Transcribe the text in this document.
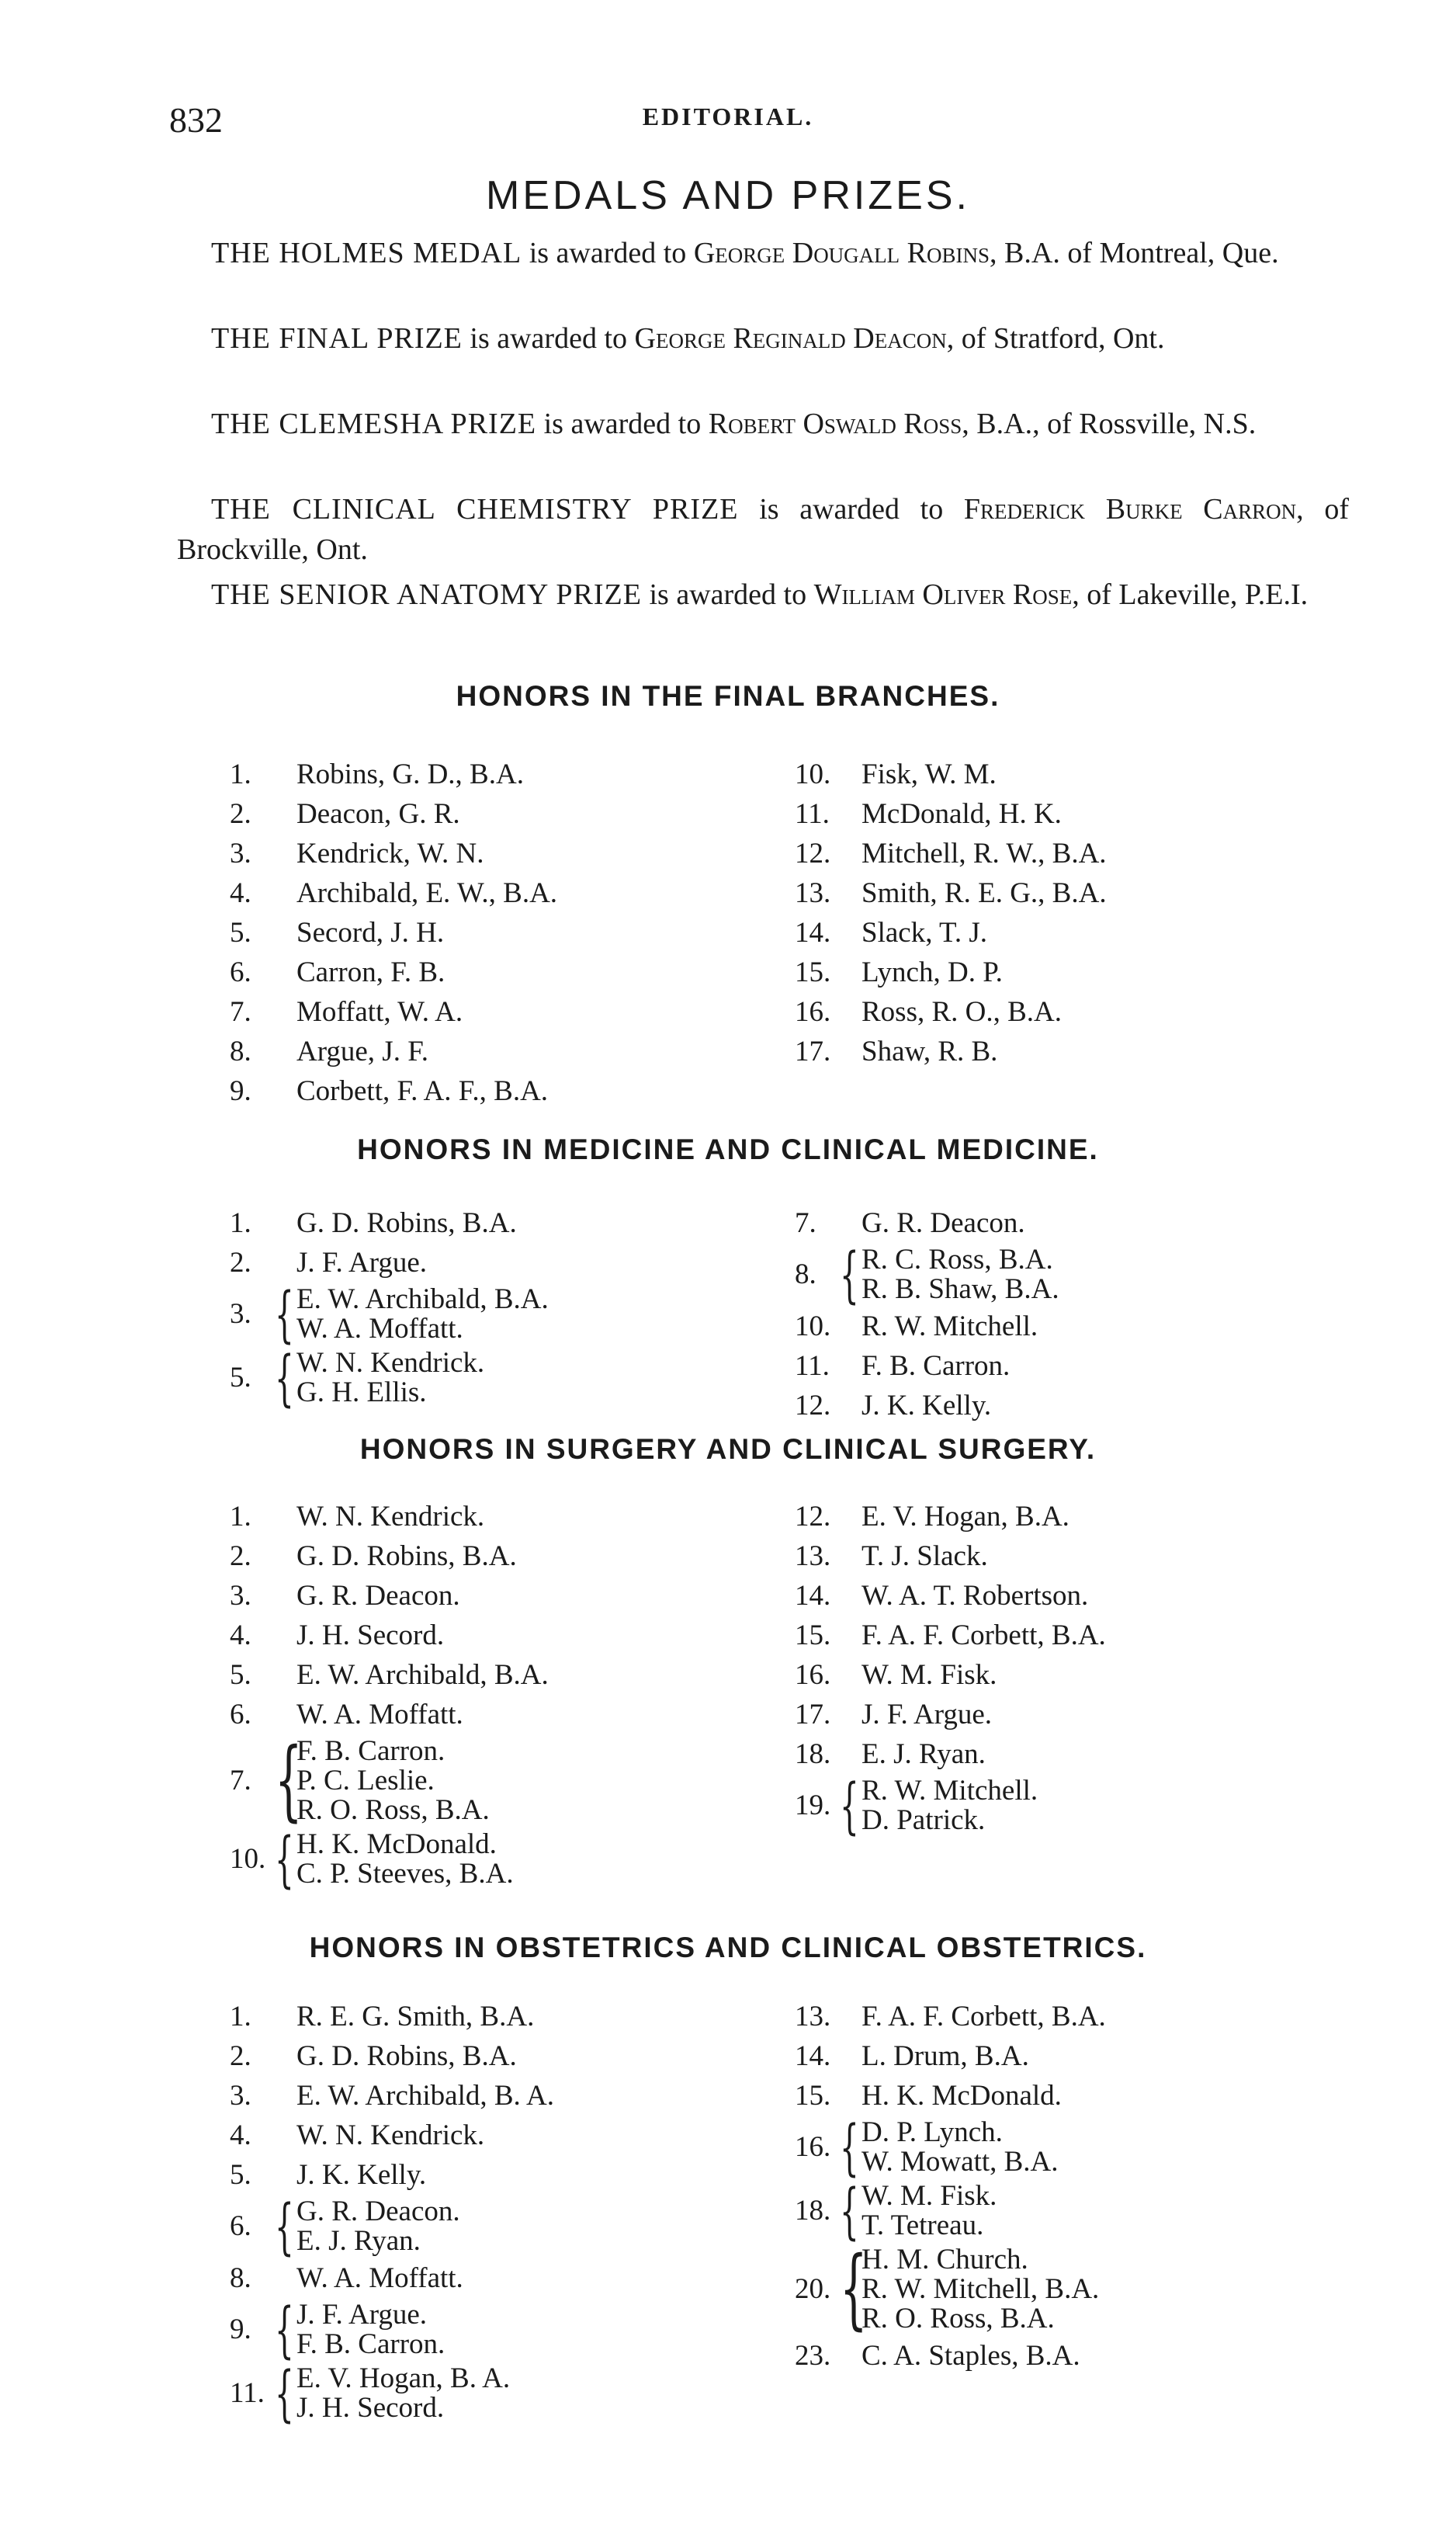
832	EDITORIAL.
MEDALS AND PRIZES.
THE HOLMES MEDAL is awarded to George Dougall Robins, B.A. of Montreal, Que.
THE FINAL PRIZE is awarded to George Reginald Deacon, of Stratford, Ont.
THE CLEMESHA PRIZE is awarded to Robert Oswald Ross, B.A., of Rossville, N.S.
THE CLINICAL CHEMISTRY PRIZE is awarded to Frederick Burke Carron, of Brockville, Ont.
THE SENIOR ANATOMY PRIZE is awarded to William Oliver Rose, of Lakeville, P.E.I.
HONORS IN THE FINAL BRANCHES.
HONORS IN MEDICINE AND CLINICAL MEDICINE.
HONORS IN SURGERY AND CLINICAL SURGERY.
HONORS IN OBSTETRICS AND CLINICAL OBSTETRICS.
1. Robins, G. D., B.A.
2. Deacon, G. R.
3. Kendrick, W. N.
4. Archibald, E. W., B.A.
5. Secord, J. H.
6. Carron, F. B.
7. Moffatt, W. A.
8. Argue, J. F.
9. Corbett, F. A. F., B.A.
10. Fisk, W. M.
11. McDonald, H. K.
12. Mitchell, R. W., B.A.
13. Smith, R. E. G., B.A.
14. Slack, T. J.
15. Lynch, D. P.
16. Ross, R. O., B.A.
17. Shaw, R. B.
1. G. D. Robins, B.A.
2. J. F. Argue.
3. { E. W. Archibald, B.A.
W. A. Moffatt.
5. { W. N. Kendrick.
G. H. Ellis.
7. G. R. Deacon.
8. { R. C. Ross, B.A.
R. B. Shaw, B.A.
10. R. W. Mitchell.
11. F. B. Carron.
12. J. K. Kelly.
1. W. N. Kendrick.
2. G. D. Robins, B.A.
3. G. R. Deacon.
4. J. H. Secord.
5. E. W. Archibald, B.A.
6. W. A. Moffatt.
7. {
F. B. Carron.
P. C. Leslie.
R. O. Ross, B.A.
10. { H. K. McDonald.
C. P. Steeves, B.A.
12. E. V. Hogan, B.A.
13. T. J. Slack.
14. W. A. T. Robertson.
15. F. A. F. Corbett, B.A.
16. W. M. Fisk.
17. J. F. Argue.
18. E. J. Ryan.
19. { R. W. Mitchell.
D. Patrick.
1. R. E. G. Smith, B.A.
2. G. D. Robins, B.A.
3. E. W. Archibald, B. A.
4. W. N. Kendrick.
5. J. K. Kelly.
6. { G. R. Deacon.
E. J. Ryan.
8. W. A. Moffatt.
9. { J. F. Argue.
F. B. Carron.
11. { E. V. Hogan, B. A.
J. H. Secord.
13. F. A. F. Corbett, B.A.
14. L. Drum, B.A.
15. H. K. McDonald.
16. { D. P. Lynch.
W. Mowatt, B.A.
18. { W. M. Fisk.
T. Tetreau.
20. {
H. M. Church.
R. W. Mitchell, B.A.
R. O. Ross, B.A.
23. C. A. Staples, B.A.
